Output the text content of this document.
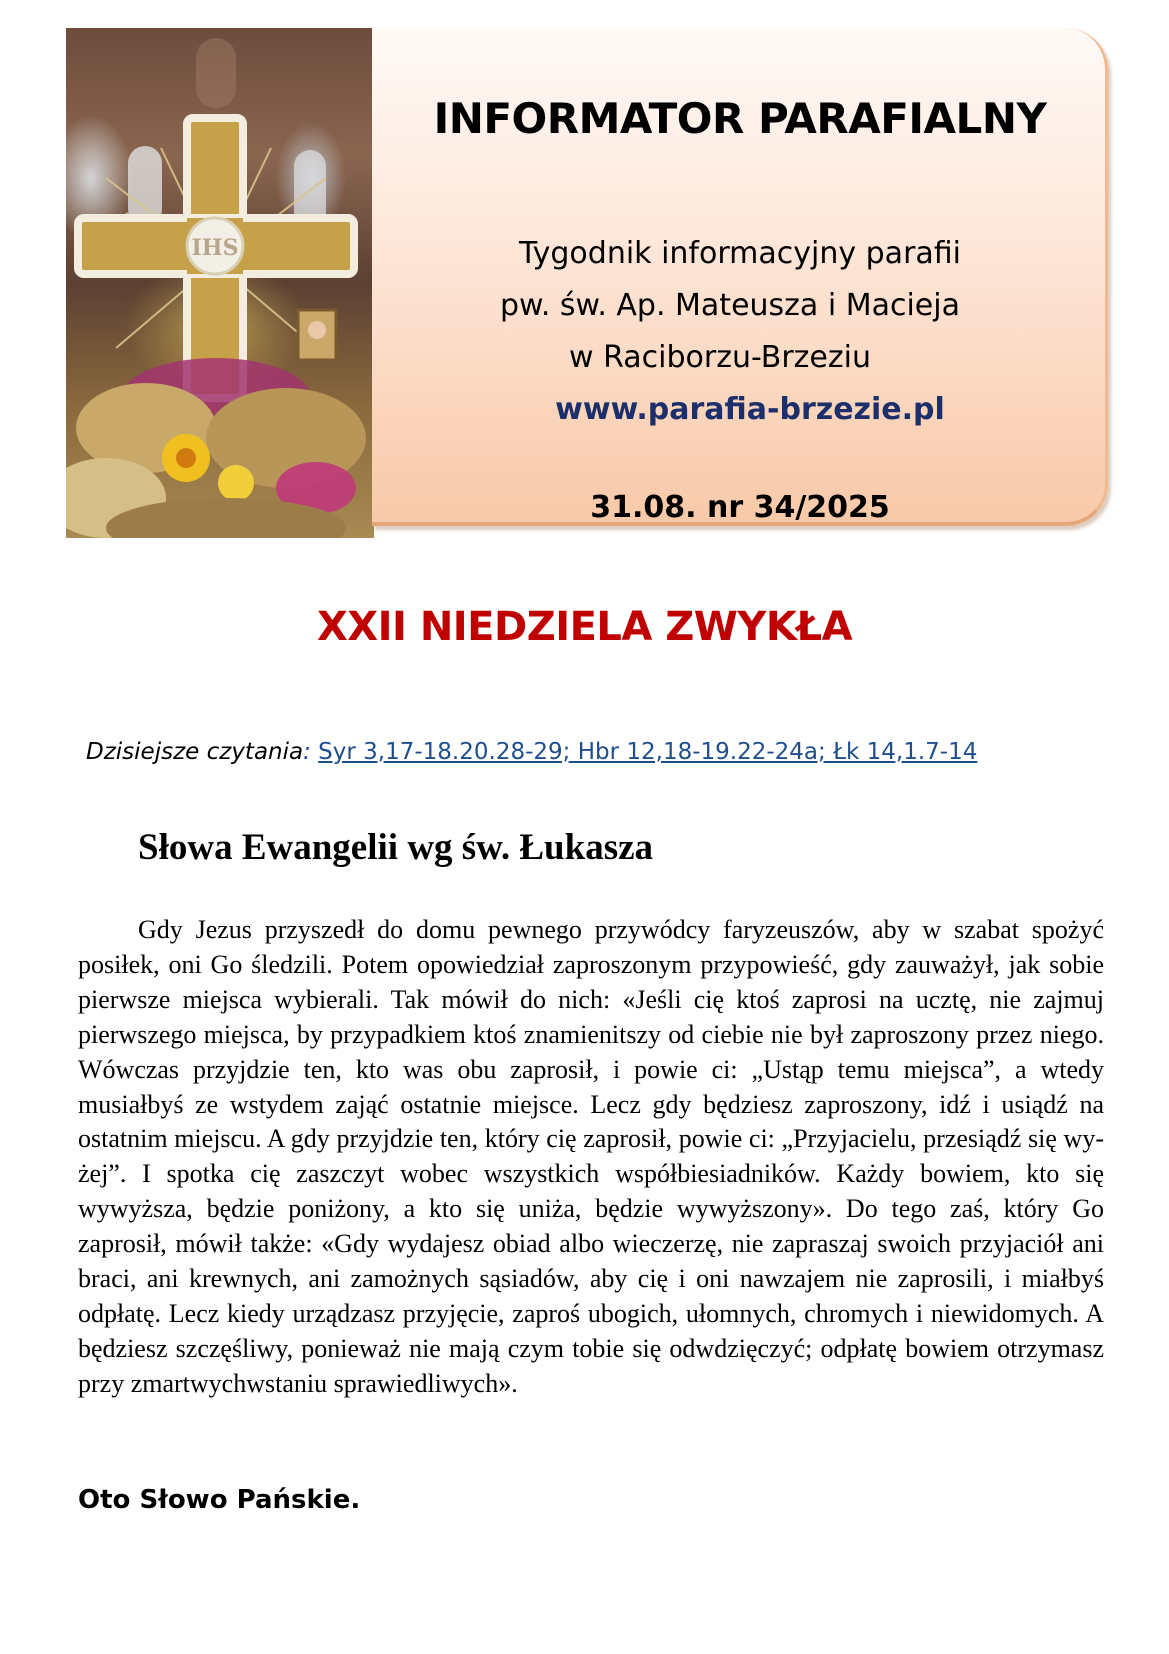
IHS
INFORMATOR PARAFIALNY

Tygodnik informacyjny parafii

pw. św. Ap. Mateusza i Macieja

w Raciborzu-Brzeziu

www.parafia-brzezie.pl

31.08. nr 34/2025

XXII NIEDZIELA ZWYKŁA

Dzisiejsze czytania: Syr 3,17-18.20.28-29; Hbr 12,18-19.22-24a; Łk 14,1.7-14

Słowa Ewangelii wg św. Łukasza

Gdy Jezus przyszedł do domu pewnego przywódcy faryzeuszów, aby w szabat spożyć posiłek, oni Go śledzili. Potem opowiedział zaproszonym przypowieść, gdy zauważył, jak sobie pierwsze miejsca wybierali. Tak mówił do nich: «Jeśli cię ktoś zaprosi na ucztę, nie zajmuj pierwszego miejsca, by przypadkiem ktoś znamienitszy od ciebie nie był zaproszony przez niego. Wówczas przyjdzie ten, kto was obu zaprosił, i powie ci: „Ustąp temu miejsca”, a wtedy musiałbyś ze wstydem zająć ostatnie miejsce. Lecz gdy będziesz zaproszony, idź i usiądź na ostatnim miejscu. A gdy przyjdzie ten, który cię zaprosił, powie ci: „Przyjacielu, przesiądź się wyżej”. I spotka cię zaszczyt wobec wszystkich współbiesiadników. Każdy bowiem, kto się wywyższa, będzie poniżony, a kto się uniża, będzie wywyższony». Do tego zaś, który Go zaprosił, mówił także: «Gdy wydajesz obiad albo wieczerzę, nie zapraszaj swoich przyjaciół ani braci, ani krewnych, ani zamożnych sąsiadów, aby cię i oni nawzajem nie zaprosili, i miałbyś odpłatę. Lecz kiedy urządzasz przyjęcie, zaproś ubogich, ułomnych, chromych i niewidomych. A będziesz szczęśliwy, ponieważ nie mają czym tobie się odwdzięczyć; odpłatę bowiem otrzymasz przy zmartwychwstaniu sprawiedliwych».

Oto Słowo Pańskie.
